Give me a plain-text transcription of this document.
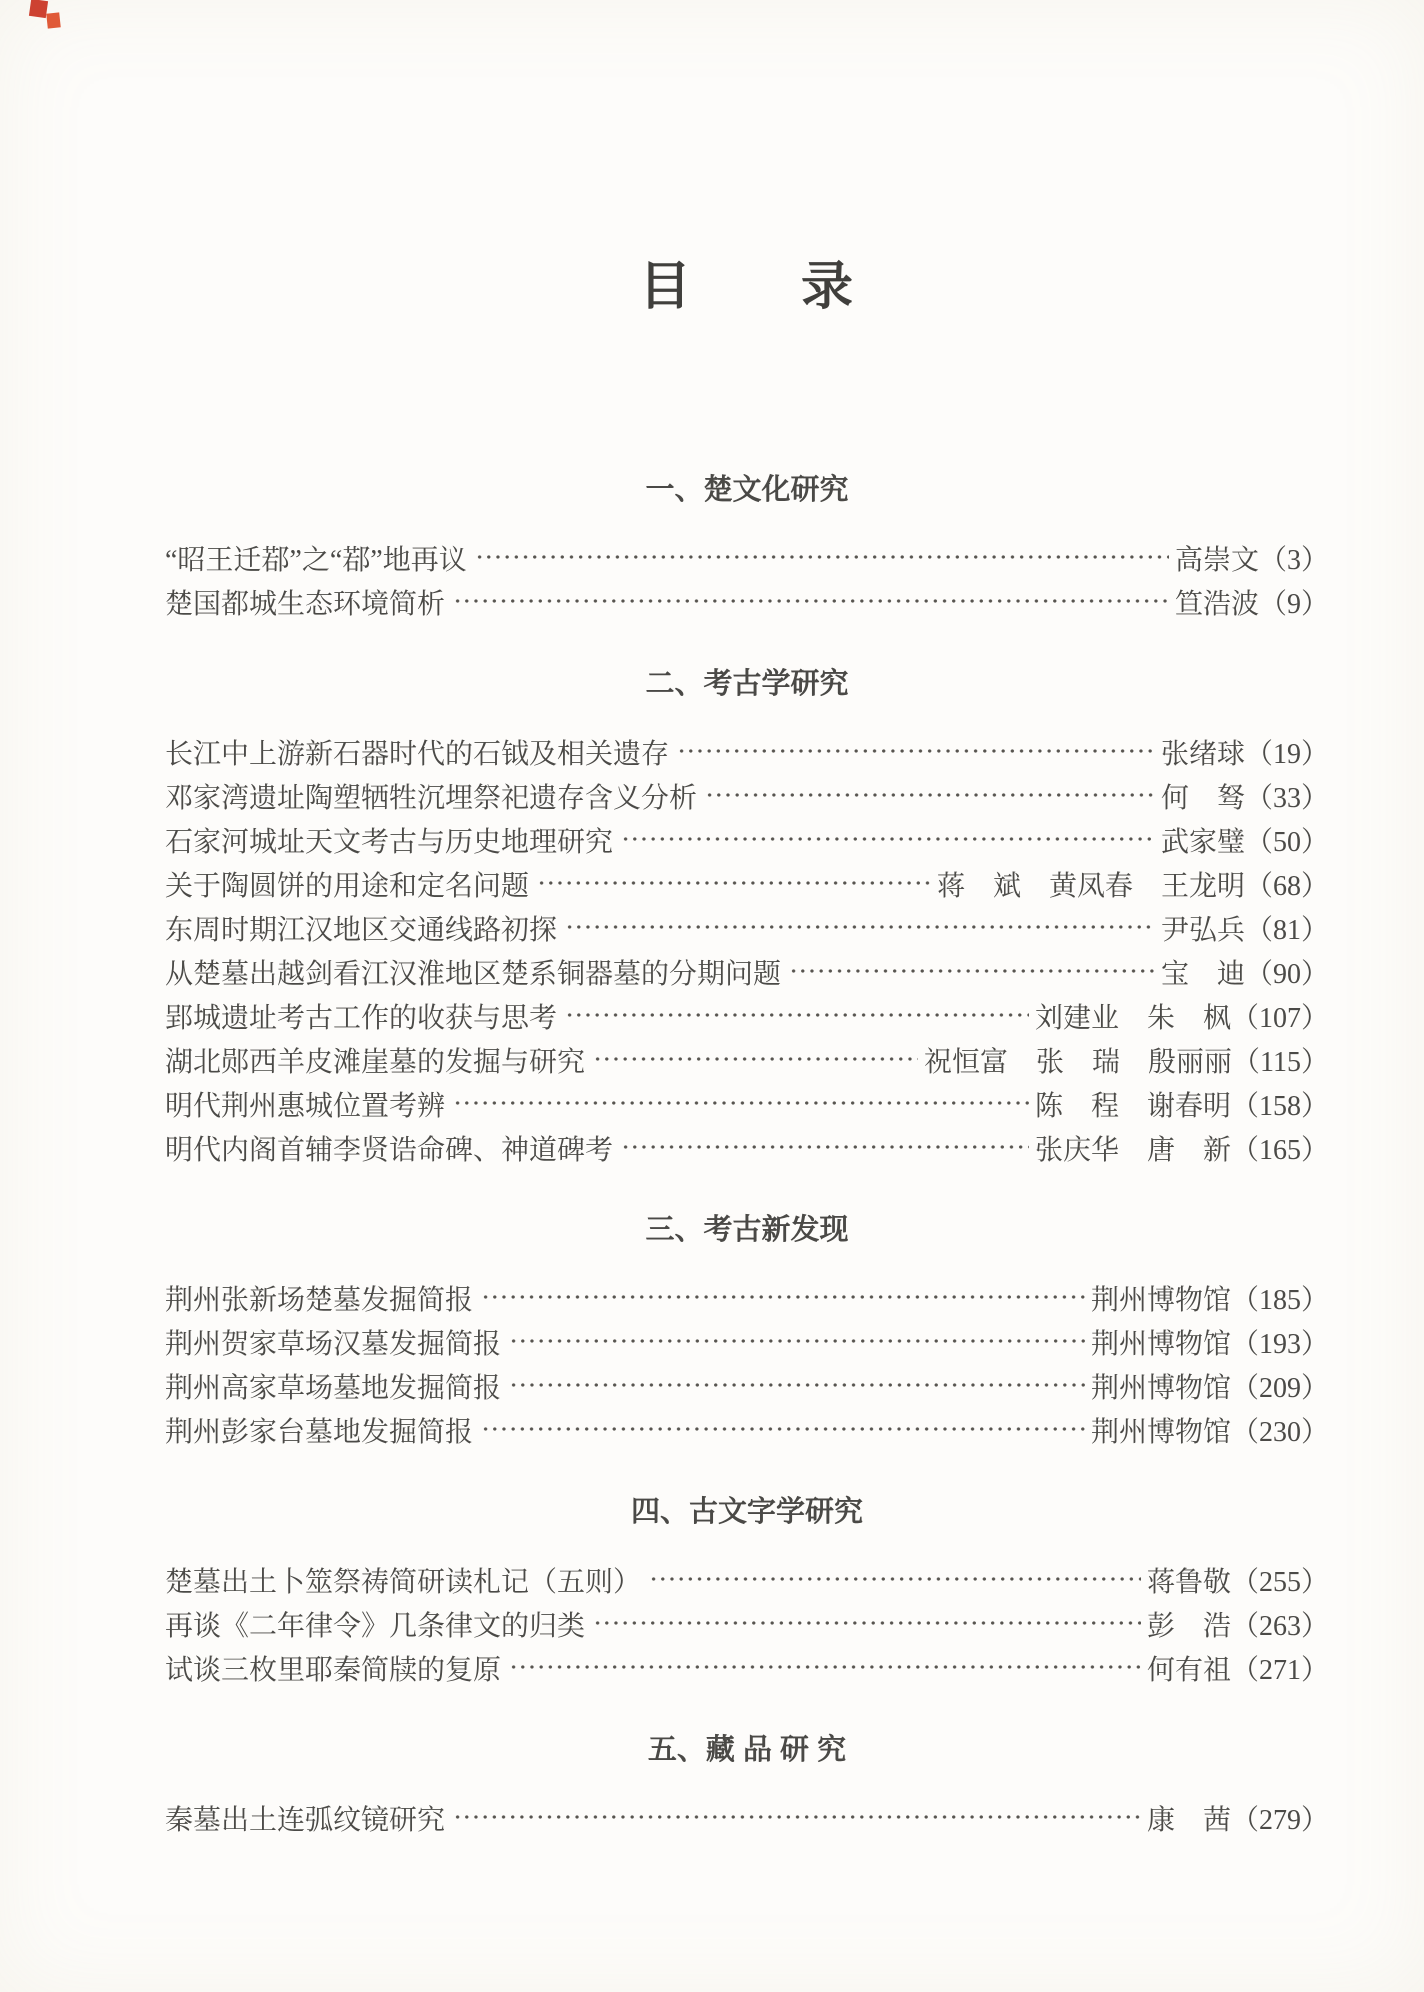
目　　录
一、楚文化研究
“昭王迁鄀”之“鄀”地再议	高崇文（3）
楚国都城生态环境简析	笪浩波（9）
二、考古学研究
长江中上游新石器时代的石钺及相关遗存	张绪球（19）
邓家湾遗址陶塑牺牲沉埋祭祀遗存含义分析	何　驽（33）
石家河城址天文考古与历史地理研究	武家璧（50）
关于陶圆饼的用途和定名问题	蒋　斌　黄凤春　王龙明（68）
东周时期江汉地区交通线路初探	尹弘兵（81）
从楚墓出越剑看江汉淮地区楚系铜器墓的分期问题	宝　迪（90）
郢城遗址考古工作的收获与思考	刘建业　朱　枫（107）
湖北郧西羊皮滩崖墓的发掘与研究	祝恒富　张　瑞　殷丽丽（115）
明代荆州惠城位置考辨	陈　程　谢春明（158）
明代内阁首辅李贤诰命碑、神道碑考	张庆华　唐　新（165）
三、考古新发现
荆州张新场楚墓发掘简报	荆州博物馆（185）
荆州贺家草场汉墓发掘简报	荆州博物馆（193）
荆州高家草场墓地发掘简报	荆州博物馆（209）
荆州彭家台墓地发掘简报	荆州博物馆（230）
四、古文字学研究
楚墓出土卜筮祭祷简研读札记（五则）	蒋鲁敬（255）
再谈《二年律令》几条律文的归类	彭　浩（263）
试谈三枚里耶秦简牍的复原	何有祖（271）
五、藏 品 研 究
秦墓出土连弧纹镜研究	康　茜（279）
